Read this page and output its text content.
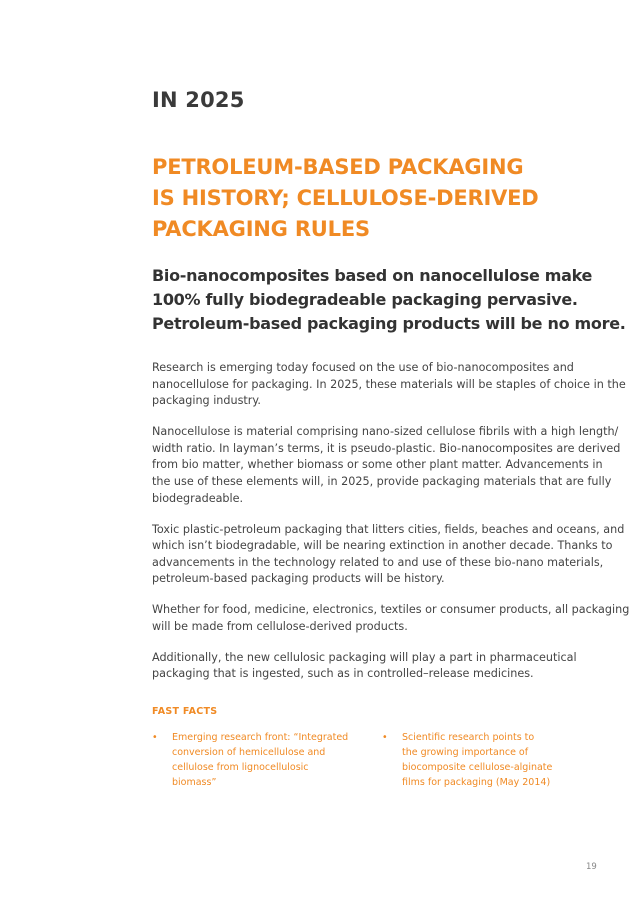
IN 2025
PETROLEUM-BASED PACKAGING
IS HISTORY; CELLULOSE-DERIVED
PACKAGING RULES
Bio-nanocomposites based on nanocellulose make
100% fully biodegradeable packaging pervasive.
Petroleum-based packaging products will be no more.

Research is emerging today focused on the use of bio-nanocomposites and
nanocellulose for packaging. In 2025, these materials will be staples of choice in the
packaging industry.

Nanocellulose is material comprising nano-sized cellulose fibrils with a high length/
width ratio. In layman’s terms, it is pseudo-plastic. Bio-nanocomposites are derived
from bio matter, whether biomass or some other plant matter. Advancements in
the use of these elements will, in 2025, provide packaging materials that are fully
biodegradeable.

Toxic plastic-petroleum packaging that litters cities, fields, beaches and oceans, and
which isn’t biodegradable, will be nearing extinction in another decade. Thanks to
advancements in the technology related to and use of these bio-nano materials,
petroleum-based packaging products will be history.

Whether for food, medicine, electronics, textiles or consumer products, all packaging
will be made from cellulose-derived products.

Additionally, the new cellulosic packaging will play a part in pharmaceutical
packaging that is ingested, such as in controlled–release medicines.

FAST FACTS
• Emerging research front: “Integrated
conversion of hemicellulose and
cellulose from lignocellulosic
biomass”
• Scientific research points to
the growing importance of
biocomposite cellulose-alginate
films for packaging (May 2014)
19
